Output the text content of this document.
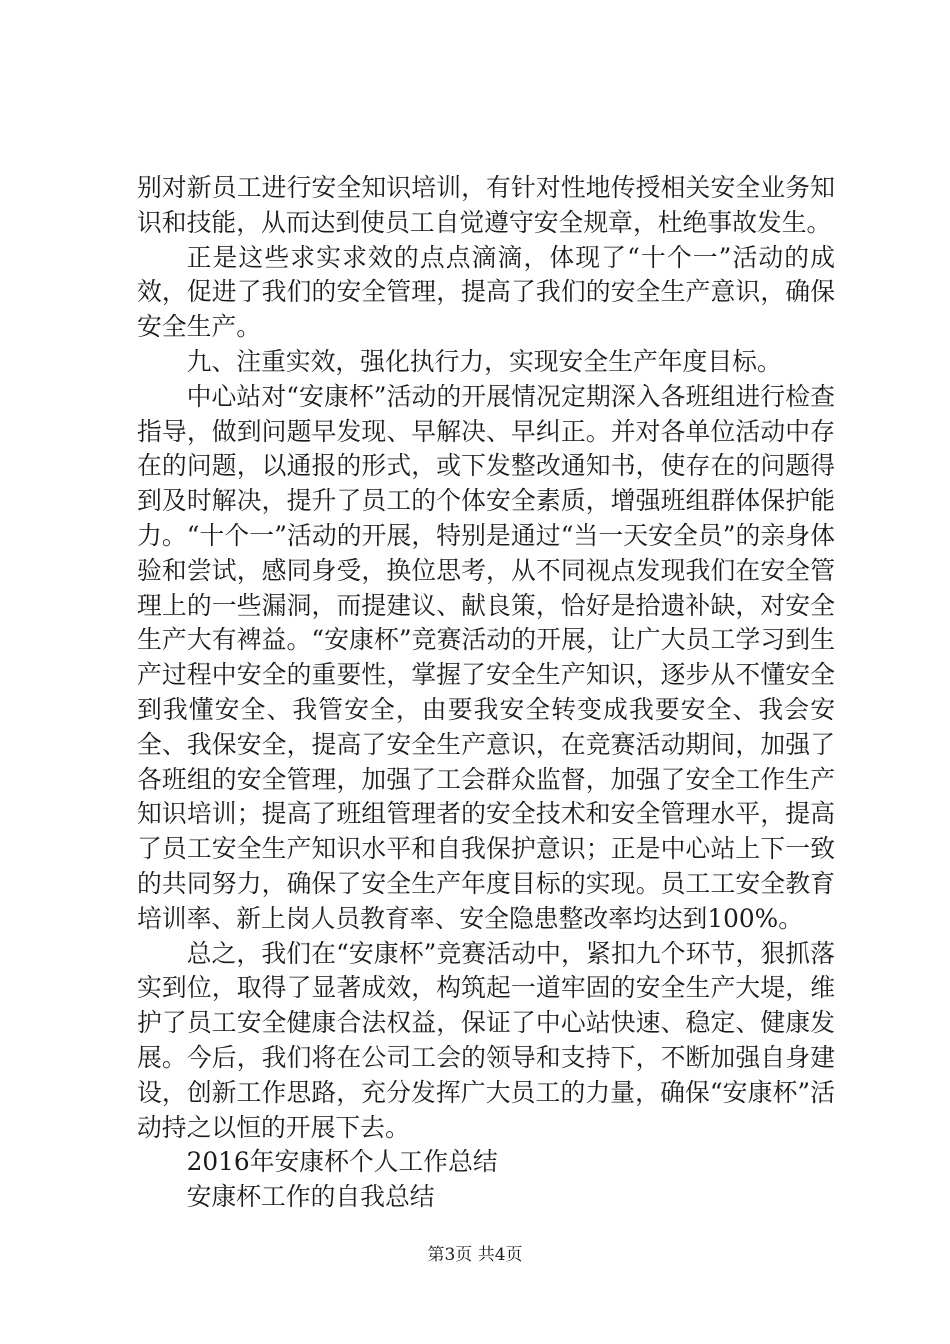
别对新员工进行安全知识培训，有针对性地传授相关安全业务知识和技能，从而达到使员工自觉遵守安全规章，杜绝事故发生。

正是这些求实求效的点点滴滴，体现了“十个一”活动的成效，促进了我们的安全管理，提高了我们的安全生产意识，确保安全生产。

九、注重实效，强化执行力，实现安全生产年度目标。

中心站对“安康杯”活动的开展情况定期深入各班组进行检查指导，做到问题早发现、早解决、早纠正。并对各单位活动中存在的问题，以通报的形式，或下发整改通知书，使存在的问题得到及时解决，提升了员工的个体安全素质，增强班组群体保护能力。“十个一”活动的开展，特别是通过“当一天安全员”的亲身体验和尝试，感同身受，换位思考，从不同视点发现我们在安全管理上的一些漏洞，而提建议、献良策，恰好是拾遗补缺，对安全生产大有裨益。“安康杯”竞赛活动的开展，让广大员工学习到生产过程中安全的重要性，掌握了安全生产知识，逐步从不懂安全到我懂安全、我管安全，由要我安全转变成我要安全、我会安全、我保安全，提高了安全生产意识，在竞赛活动期间，加强了各班组的安全管理，加强了工会群众监督，加强了安全工作生产知识培训；提高了班组管理者的安全技术和安全管理水平，提高了员工安全生产知识水平和自我保护意识；正是中心站上下一致的共同努力，确保了安全生产年度目标的实现。员工工安全教育培训率、新上岗人员教育率、安全隐患整改率均达到100%。

总之，我们在“安康杯”竞赛活动中，紧扣九个环节，狠抓落实到位，取得了显著成效，构筑起一道牢固的安全生产大堤，维护了员工安全健康合法权益，保证了中心站快速、稳定、健康发展。今后，我们将在公司工会的领导和支持下，不断加强自身建设，创新工作思路，充分发挥广大员工的力量，确保“安康杯”活动持之以恒的开展下去。

2016年安康杯个人工作总结

安康杯工作的自我总结

第3页 共4页
